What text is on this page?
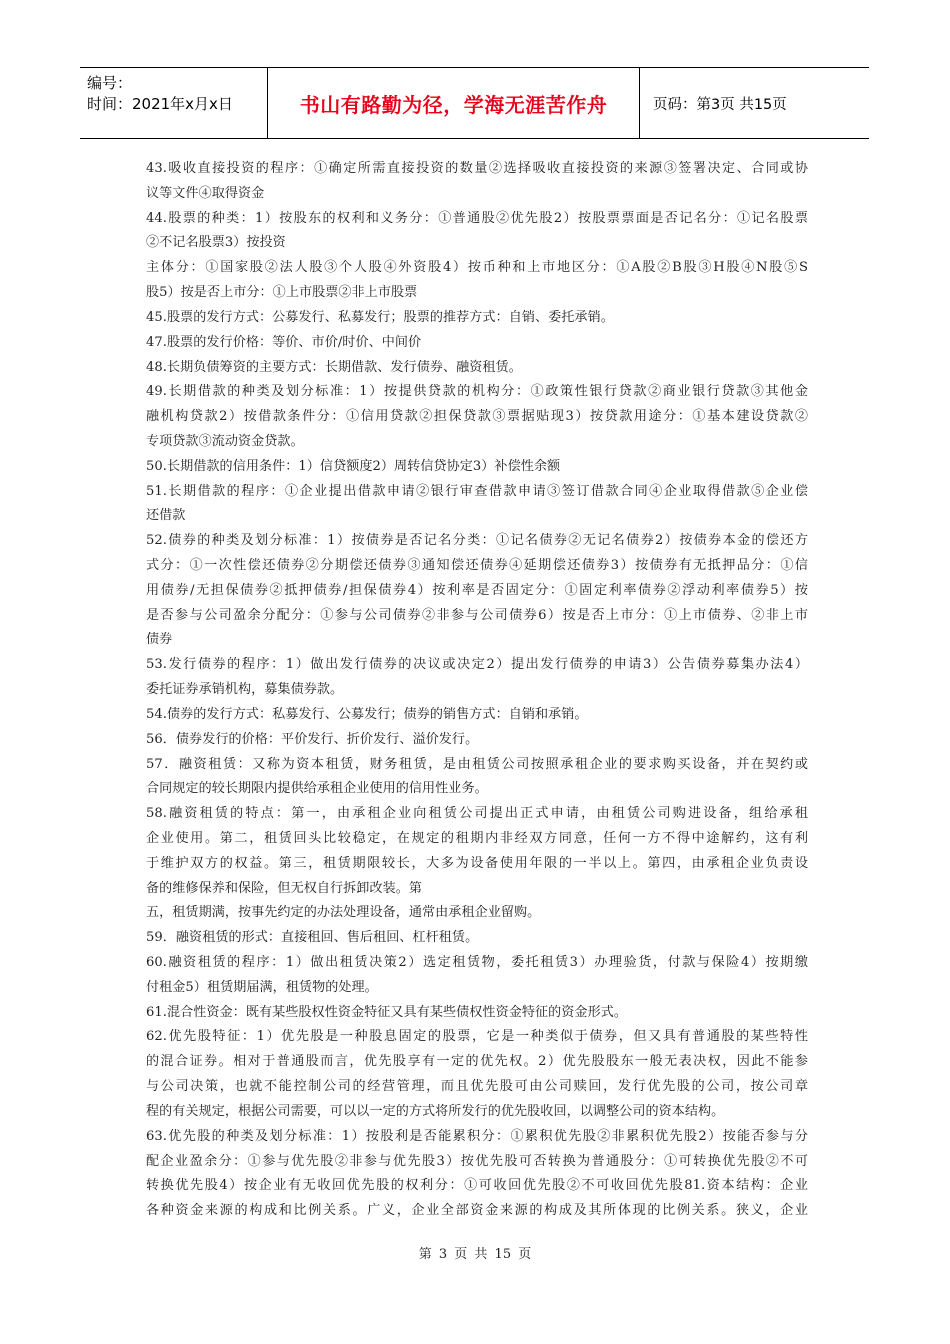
编号：
时间：2021年x月x日	书山有路勤为径，学海无涯苦作舟	页码：第3页 共15页
43.吸收直接投资的程序：①确定所需直接投资的数量②选择吸收直接投资的来源③签署决定、合同或协
议等文件④取得资金
44.股票的种类：1）按股东的权利和义务分：①普通股②优先股2）按股票票面是否记名分：①记名股票
②不记名股票3）按投资
主体分：①国家股②法人股③个人股④外资股4）按币种和上市地区分：①A股②B股③H股④N股⑤S
股5）按是否上市分：①上市股票②非上市股票
45.股票的发行方式：公募发行、私募发行；股票的推荐方式：自销、委托承销。
47.股票的发行价格：等价、市价/时价、中间价
48.长期负债筹资的主要方式：长期借款、发行债券、融资租赁。
49.长期借款的种类及划分标准：1）按提供贷款的机构分：①政策性银行贷款②商业银行贷款③其他金
融机构贷款2）按借款条件分：①信用贷款②担保贷款③票据贴现3）按贷款用途分：①基本建设贷款②
专项贷款③流动资金贷款。
50.长期借款的信用条件：1）信贷额度2）周转信贷协定3）补偿性余额
51.长期借款的程序：①企业提出借款申请②银行审查借款申请③签订借款合同④企业取得借款⑤企业偿
还借款
52.债券的种类及划分标准：1）按债券是否记名分类：①记名债券②无记名债券2）按债券本金的偿还方
式分：①一次性偿还债券②分期偿还债券③通知偿还债券④延期偿还债券3）按债券有无抵押品分：①信
用债券/无担保债券②抵押债券/担保债券4）按利率是否固定分：①固定利率债券②浮动利率债券5）按
是否参与公司盈余分配分：①参与公司债券②非参与公司债券6）按是否上市分：①上市债券、②非上市
债券
53.发行债券的程序：1）做出发行债券的决议或决定2）提出发行债券的申请3）公告债券募集办法4）
委托证券承销机构，募集债券款。
54.债券的发行方式：私募发行、公募发行；债券的销售方式：自销和承销。
56．债券发行的价格：平价发行、折价发行、溢价发行。
57．融资租赁：又称为资本租赁，财务租赁，是由租赁公司按照承租企业的要求购买设备，并在契约或
合同规定的较长期限内提供给承租企业使用的信用性业务。
58.融资租赁的特点：第一，由承租企业向租赁公司提出正式申请，由租赁公司购进设备，组给承租
企业使用。第二，租赁回头比较稳定，在规定的租期内非经双方同意，任何一方不得中途解约，这有利
于维护双方的权益。第三，租赁期限较长，大多为设备使用年限的一半以上。第四，由承租企业负责设
备的维修保养和保险，但无权自行拆卸改装。第
五，租赁期满，按事先约定的办法处理设备，通常由承租企业留购。
59．融资租赁的形式：直接租回、售后租回、杠杆租赁。
60.融资租赁的程序：1）做出租赁决策2）选定租赁物，委托租赁3）办理验货，付款与保险4）按期缴
付租金5）租赁期届满，租赁物的处理。
61.混合性资金：既有某些股权性资金特征又具有某些债权性资金特征的资金形式。
62.优先股特征：1）优先股是一种股息固定的股票，它是一种类似于债券，但又具有普通股的某些特性
的混合证券。相对于普通股而言，优先股享有一定的优先权。2）优先股股东一般无表决权，因此不能参
与公司决策，也就不能控制公司的经营管理，而且优先股可由公司赎回，发行优先股的公司，按公司章
程的有关规定，根据公司需要，可以以一定的方式将所发行的优先股收回，以调整公司的资本结构。
63.优先股的种类及划分标准：1）按股利是否能累积分：①累积优先股②非累积优先股2）按能否参与分
配企业盈余分：①参与优先股②非参与优先股3）按优先股可否转换为普通股分：①可转换优先股②不可
转换优先股4）按企业有无收回优先股的权利分：①可收回优先股②不可收回优先股81.资本结构：企业
各种资金来源的构成和比例关系。广义，企业全部资金来源的构成及其所体现的比例关系。狭义，企业
第 3 页 共 15 页
